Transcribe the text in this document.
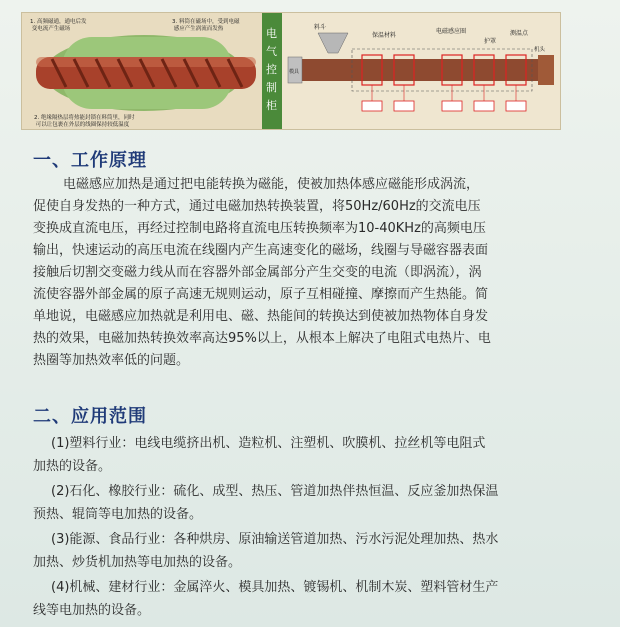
1. 高频磁通，通电后发 变电流产生磁场
3. 料筒在磁场中，受到电磁 感应产生涡流而发热
2. 绝缘隔热层将热能封锁在料筒里，同时 可以让包裹在外层的线圈保持较低温度
电
气
控
制
柜
模具
机头
料斗
保温材料
电磁感应圈
护罩
测温点
一、工作原理

电磁感应加热是通过把电能转换为磁能，使被加热体感应磁能形成涡流，
促使自身发热的一种方式，通过电磁加热转换装置，将50Hz/60Hz的交流电压
变换成直流电压，再经过控制电路将直流电压转换频率为10-40KHz的高频电压
输出，快速运动的高压电流在线圈内产生高速变化的磁场，线圈与导磁容器表面
接触后切割交变磁力线从而在容器外部金属部分产生交变的电流（即涡流），涡
流使容器外部金属的原子高速无规则运动，原子互相碰撞、摩擦而产生热能。简
单地说，电磁感应加热就是利用电、磁、热能间的转换达到使被加热物体自身发
热的效果，电磁加热转换效率高达95%以上，从根本上解决了电阻式电热片、电
热圈等加热效率低的问题。

二、应用范围

(1)塑料行业：电线电缆挤出机、造粒机、注塑机、吹膜机、拉丝机等电阻式
加热的设备。

(2)石化、橡胶行业：硫化、成型、热压、管道加热伴热恒温、反应釜加热保温
预热、辊筒等电加热的设备。

(3)能源、食品行业：各种烘房、原油输送管道加热、污水污泥处理加热、热水
加热、炒货机加热等电加热的设备。

(4)机械、建材行业：金属淬火、模具加热、镀锡机、机制木炭、塑料管材生产
线等电加热的设备。
